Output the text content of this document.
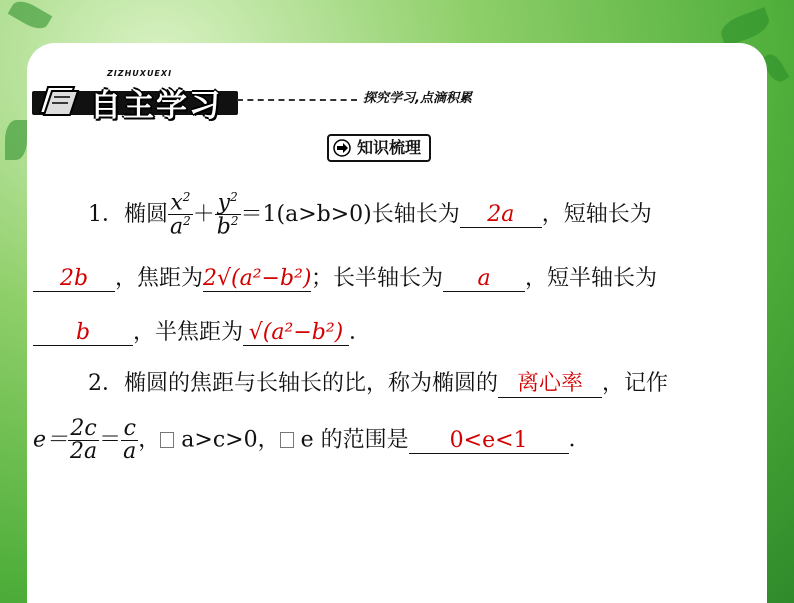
ZIZHUXUEXI
自主学习	探究学习,点滴积累
知识梳理
1．椭圆 $\frac{x^2}{a^2} + \frac{y^2}{b^2} =1(a>b>0)$长轴长为 2a ，短轴长为
2b ，焦距为2√(a²−b²)；长半轴长为 a ，短半轴长为
b ，半焦距为 √(a²−b²) ．
2．椭圆的焦距与长轴长的比，称为椭圆的 离心率 ，记作
$e= \frac{2c}{2a} = \frac{c}{a}$ ， a>c>0， e 的范围是 0<e<1 ．
